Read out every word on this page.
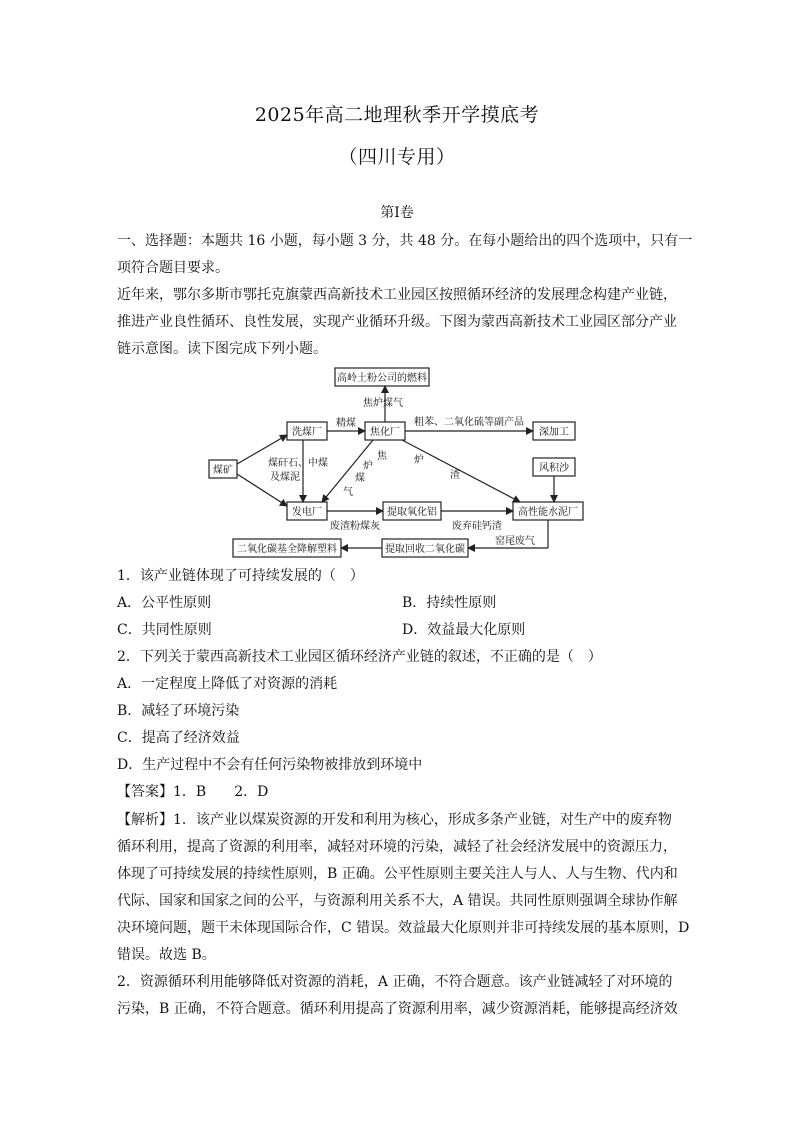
2025年高二地理秋季开学摸底考
（四川专用）
第Ⅰ卷
一、选择题：本题共 16 小题，每小题 3 分，共 48 分。在每小题给出的四个选项中，只有一
项符合题目要求。
近年来，鄂尔多斯市鄂托克旗蒙西高新技术工业园区按照循环经济的发展理念构建产业链，
推进产业良性循环、良性发展，实现产业循环升级。下图为蒙西高新技术工业园区部分产业
链示意图。读下图完成下列小题。
高岭土粉公司的燃料
煤矿
洗煤厂	焦化厂	深加工
发电厂	提取氧化铝	高性能水泥厂
风积沙
提取回收二氧化碳
二氧化碳基全降解塑料
焦炉煤气
精煤	粗苯、二氧化硫等副产品
煤矸石、中煤
及煤泥
焦
炉
煤
气
炉
渣
废渣粉煤灰	废弃硅钙渣
窑尾废气
1．该产业链体现了可持续发展的（　）
A．公平性原则	B．持续性原则
C．共同性原则	D．效益最大化原则
2．下列关于蒙西高新技术工业园区循环经济产业链的叙述，不正确的是（　）
A．一定程度上降低了对资源的消耗
B．减轻了环境污染
C．提高了经济效益
D．生产过程中不会有任何污染物被排放到环境中
【答案】1．B　　2．D
【解析】1．该产业以煤炭资源的开发和利用为核心，形成多条产业链，对生产中的废弃物
循环利用，提高了资源的利用率，减轻对环境的污染，减轻了社会经济发展中的资源压力，
体现了可持续发展的持续性原则，B 正确。公平性原则主要关注人与人、人与生物、代内和
代际、国家和国家之间的公平，与资源利用关系不大，A 错误。共同性原则强调全球协作解
决环境问题，题干未体现国际合作，C 错误。效益最大化原则并非可持续发展的基本原则，D
错误。故选 B。
2．资源循环利用能够降低对资源的消耗，A 正确，不符合题意。该产业链减轻了对环境的
污染，B 正确，不符合题意。循环利用提高了资源利用率，减少资源消耗，能够提高经济效
